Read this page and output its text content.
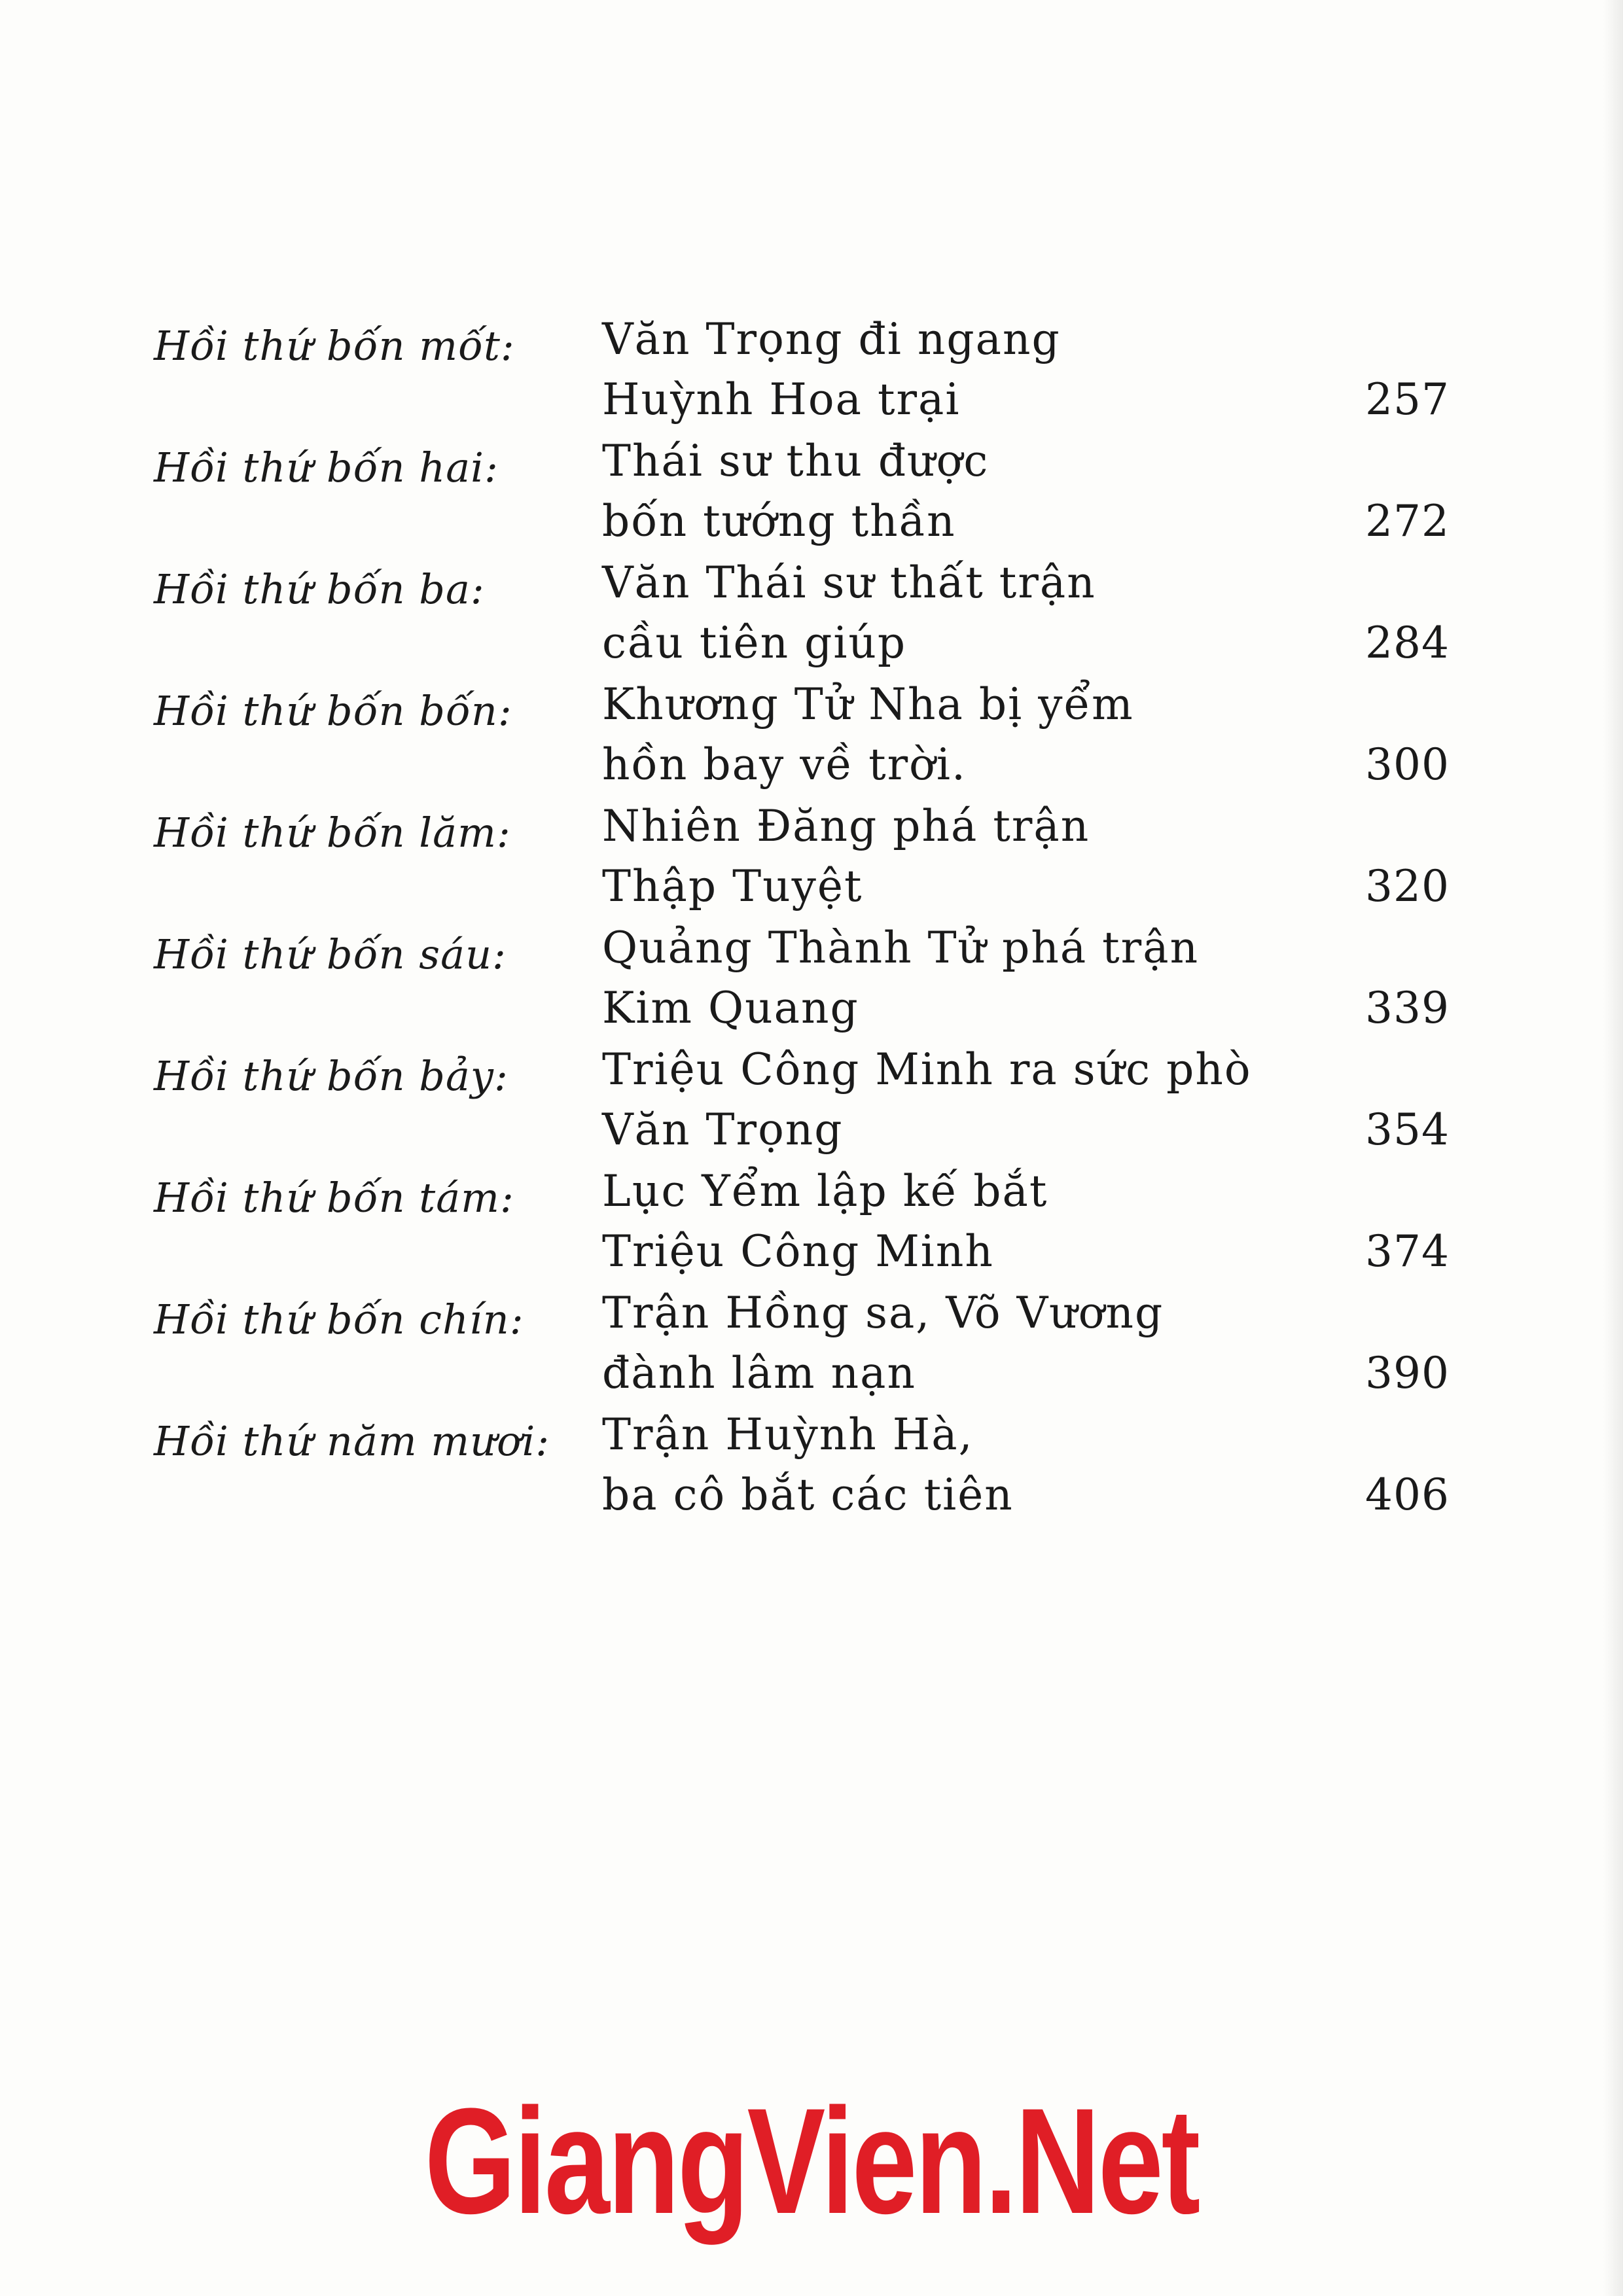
Hồi thứ bốn mốt: Văn Trọng đi ngang
Huỳnh Hoa trại	257
Hồi thứ bốn hai: Thái sư thu được
bốn tướng thần	272
Hồi thứ bốn ba:	Văn Thái sư thất trận
cầu tiên giúp	284
Hồi thứ bốn bốn: Khương Tử Nha bị yểm
hồn bay về trời.	300
Hồi thứ bốn lăm: Nhiên Đăng phá trận
Thập Tuyệt	320
Hồi thứ bốn sáu: Quảng Thành Tử phá trận
Kim Quang	339
Hồi thứ bốn bảy: Triệu Công Minh ra sức phò
Văn Trọng	354
Hồi thứ bốn tám: Lục Yểm lập kế bắt
Triệu Công Minh	374
Hồi thứ bốn chín: Trận Hồng sa, Võ Vương
đành lâm nạn	390
Hồi thứ năm mươi: Trận Huỳnh Hà,
ba cô bắt các tiên	406
GiangVien.Net
